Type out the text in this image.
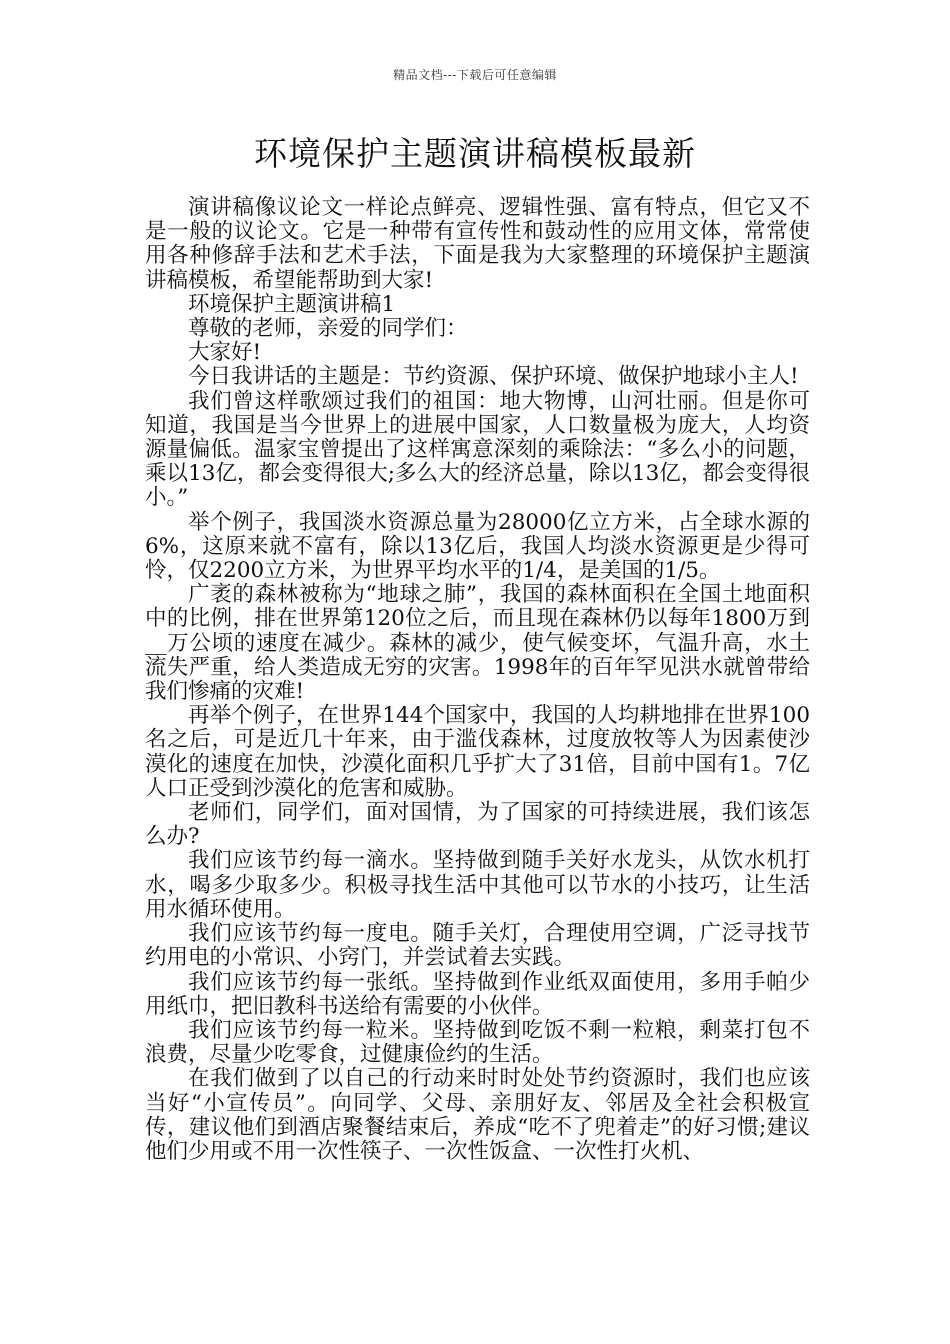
精品文档---下载后可任意编辑
环境保护主题演讲稿模板最新

演讲稿像议论文一样论点鲜亮、逻辑性强、富有特点，但它又不是一般的议论文。它是一种带有宣传性和鼓动性的应用文体，常常使用各种修辞手法和艺术手法，下面是我为大家整理的环境保护主题演讲稿模板，希望能帮助到大家!

环境保护主题演讲稿1

尊敬的老师，亲爱的同学们：

大家好!

今日我讲话的主题是：节约资源、保护环境、做保护地球小主人!

我们曾这样歌颂过我们的祖国：地大物博，山河壮丽。但是你可知道，我国是当今世界上的进展中国家，人口数量极为庞大，人均资源量偏低。温家宝曾提出了这样寓意深刻的乘除法：“多么小的问题，乘以13亿，都会变得很大;多么大的经济总量，除以13亿，都会变得很小。”

举个例子，我国淡水资源总量为28000亿立方米，占全球水源的6%，这原来就不富有，除以13亿后，我国人均淡水资源更是少得可怜，仅2200立方米，为世界平均水平的1/4，是美国的1/5。

广袤的森林被称为“地球之肺”，我国的森林面积在全国土地面积中的比例，排在世界第120位之后，而且现在森林仍以每年1800万到__万公顷的速度在减少。森林的减少，使气候变坏，气温升高，水土流失严重，给人类造成无穷的灾害。1998年的百年罕见洪水就曾带给我们惨痛的灾难!

再举个例子，在世界144个国家中，我国的人均耕地排在世界100名之后，可是近几十年来，由于滥伐森林，过度放牧等人为因素使沙漠化的速度在加快，沙漠化面积几乎扩大了31倍，目前中国有1。7亿人口正受到沙漠化的危害和威胁。

老师们，同学们，面对国情，为了国家的可持续进展，我们该怎么办?

我们应该节约每一滴水。坚持做到随手关好水龙头，从饮水机打水，喝多少取多少。积极寻找生活中其他可以节水的小技巧，让生活用水循环使用。

我们应该节约每一度电。随手关灯，合理使用空调，广泛寻找节约用电的小常识、小窍门，并尝试着去实践。

我们应该节约每一张纸。坚持做到作业纸双面使用，多用手帕少用纸巾，把旧教科书送给有需要的小伙伴。

我们应该节约每一粒米。坚持做到吃饭不剩一粒粮，剩菜打包不浪费，尽量少吃零食，过健康俭约的生活。

在我们做到了以自己的行动来时时处处节约资源时，我们也应该当好“小宣传员”。向同学、父母、亲朋好友、邻居及全社会积极宣传，建议他们到酒店聚餐结束后，养成“吃不了兜着走”的好习惯;建议他们少用或不用一次性筷子、一次性饭盒、一次性打火机、
